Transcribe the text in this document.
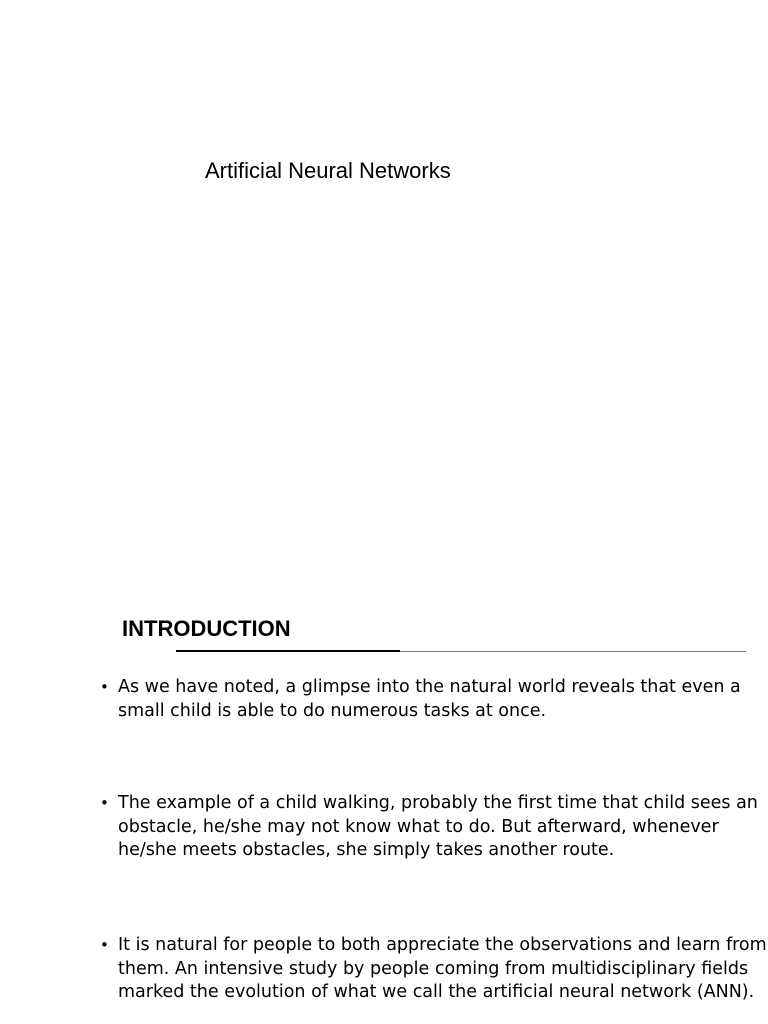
Artificial Neural Networks
INTRODUCTION
• As we have noted, a glimpse into the natural world reveals that even a small child is able to do numerous tasks at once.
• The example of a child walking, probably the first time that child sees an obstacle, he/she may not know what to do. But afterward, whenever he/she meets obstacles, she simply takes another route.
• It is natural for people to both appreciate the observations and learn from them. An intensive study by people coming from multidisciplinary fields marked the evolution of what we call the artificial neural network (ANN).
